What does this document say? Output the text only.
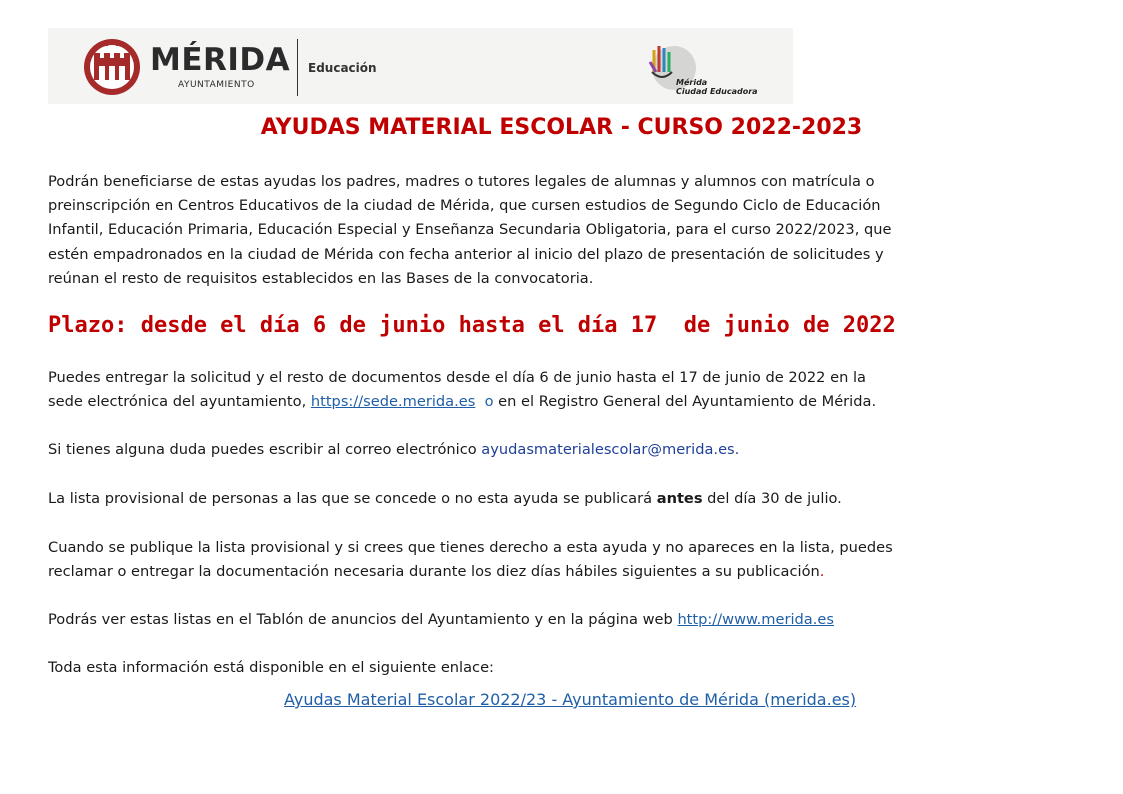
MÉRIDA
AYUNTAMIENTO
Educación
Mérida
Ciudad Educadora
AYUDAS MATERIAL ESCOLAR - CURSO 2022-2023
Podrán beneficiarse de estas ayudas los padres, madres o tutores legales de alumnas y alumnos con matrícula o
preinscripción en Centros Educativos de la ciudad de Mérida, que cursen estudios de Segundo Ciclo de Educación
Infantil, Educación Primaria, Educación Especial y Enseñanza Secundaria Obligatoria, para el curso 2022/2023, que
estén empadronados en la ciudad de Mérida con fecha anterior al inicio del plazo de presentación de solicitudes y
reúnan el resto de requisitos establecidos en las Bases de la convocatoria.
Plazo: desde el día 6 de junio hasta el día 17  de junio de 2022
Puedes entregar la solicitud y el resto de documentos desde el día 6 de junio hasta el 17 de junio de 2022 en la
sede electrónica del ayuntamiento, https://sede.merida.es o en el Registro General del Ayuntamiento de Mérida.
Si tienes alguna duda puedes escribir al correo electrónico ayudasmaterialescolar@merida.es.
La lista provisional de personas a las que se concede o no esta ayuda se publicará antes del día 30 de julio.
Cuando se publique la lista provisional y si crees que tienes derecho a esta ayuda y no apareces en la lista, puedes
reclamar o entregar la documentación necesaria durante los diez días hábiles siguientes a su publicación.
Podrás ver estas listas en el Tablón de anuncios del Ayuntamiento y en la página web http://www.merida.es
Toda esta información está disponible en el siguiente enlace:
Ayudas Material Escolar 2022/23 - Ayuntamiento de Mérida (merida.es)
